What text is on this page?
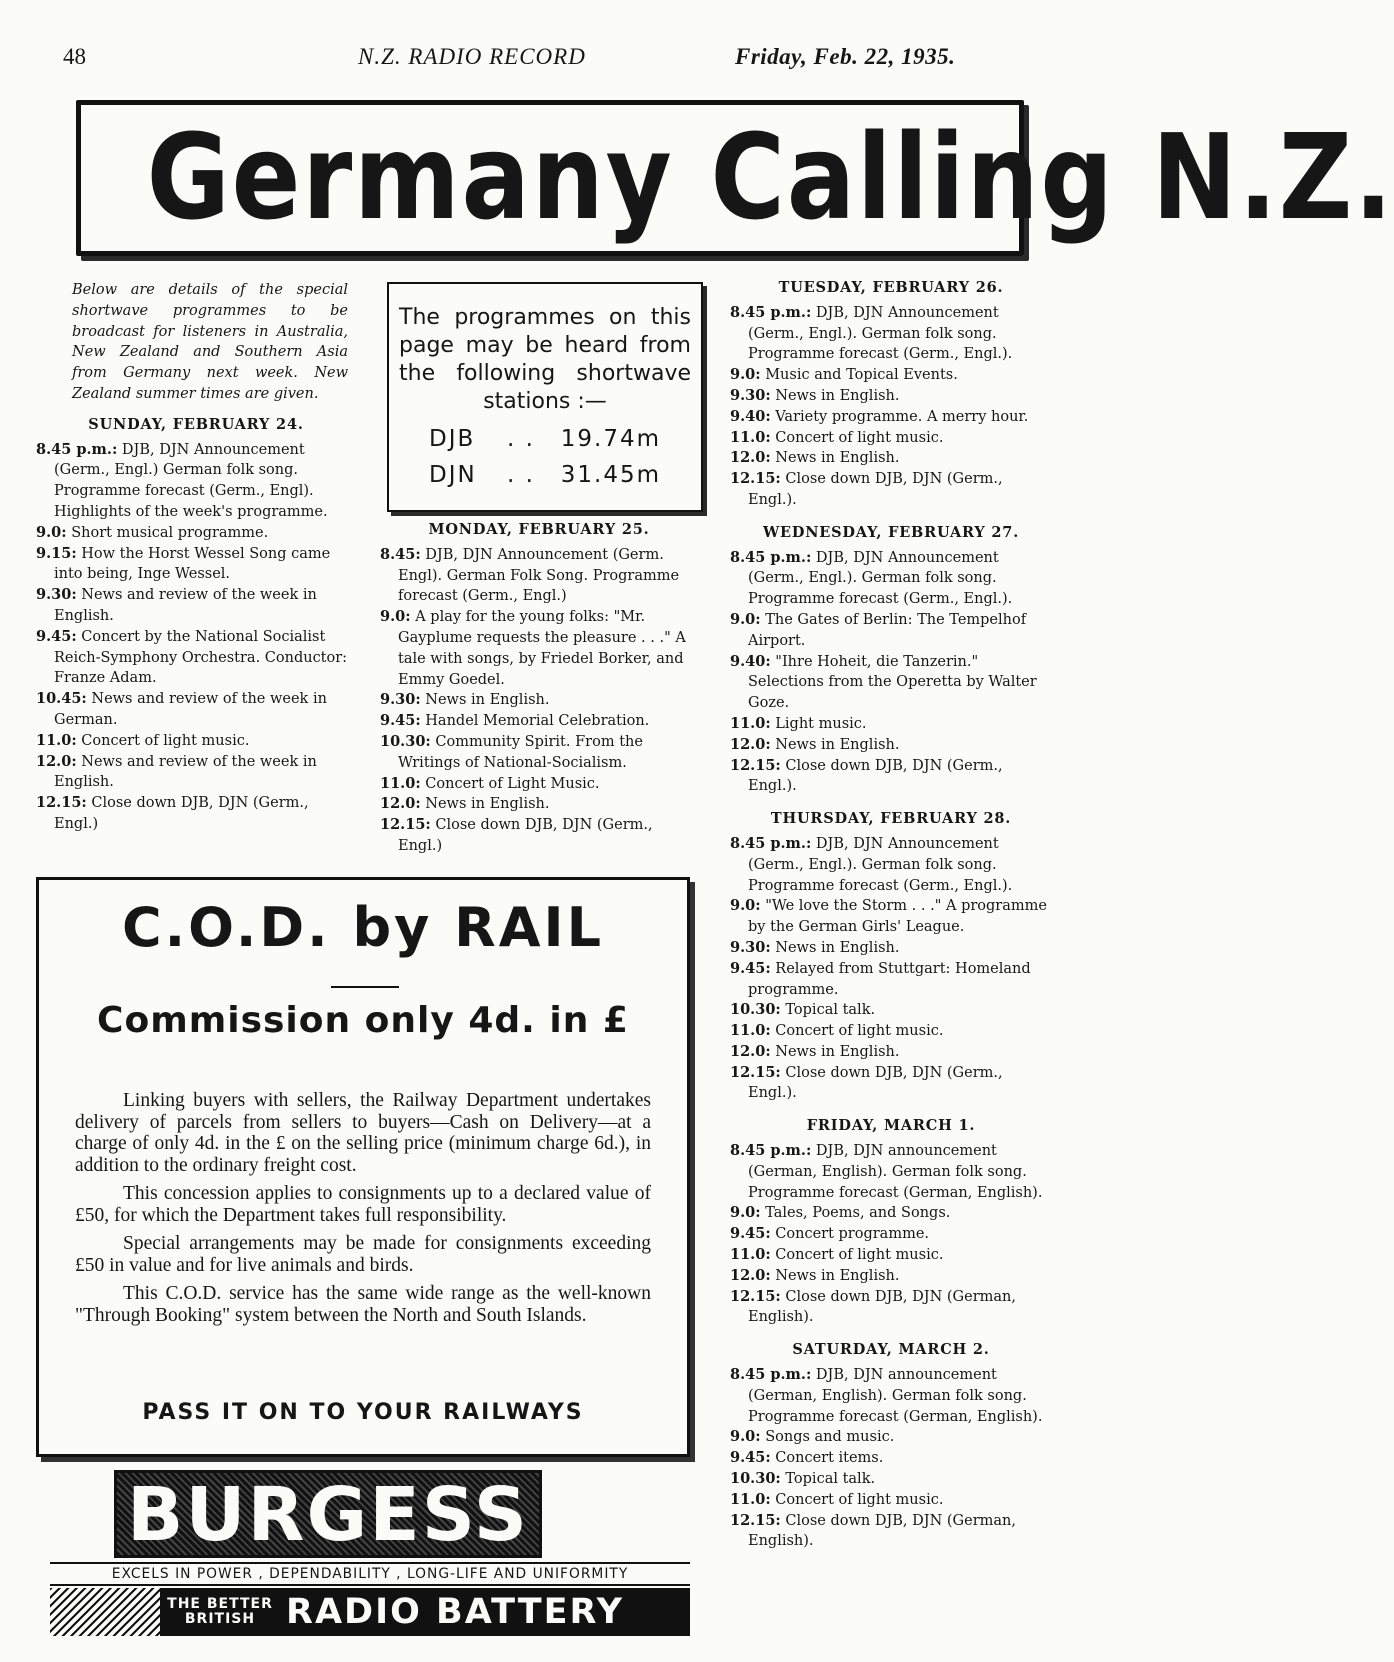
48	N.Z. RADIO RECORD	Friday, Feb. 22, 1935.
Germany Calling N.Z.
The programmes on this page may be heard from the following shortwave stations :—
DJB	. .	19.74m
DJN	. .	31.45m

Below are details of the special shortwave programmes to be broadcast for listeners in Australia, New Zealand and Southern Asia from Germany next week. New Zealand summer times are given.

SUNDAY, FEBRUARY 24.

8.45 p.m.: DJB, DJN Announcement (Germ., Engl.) German folk song. Programme forecast (Germ., Engl). Highlights of the week's programme.

9.0: Short musical programme.

9.15: How the Horst Wessel Song came into being, Inge Wessel.

9.30: News and review of the week in English.

9.45: Concert by the National Socialist Reich-Symphony Orchestra. Conductor: Franze Adam.

10.45: News and review of the week in German.

11.0: Concert of light music.

12.0: News and review of the week in English.

12.15: Close down DJB, DJN (Germ., Engl.)

MONDAY, FEBRUARY 25.

8.45: DJB, DJN Announcement (Germ. Engl). German Folk Song. Programme forecast (Germ., Engl.)

9.0: A play for the young folks: "Mr. Gayplume requests the pleasure . . ." A tale with songs, by Friedel Borker, and Emmy Goedel.

9.30: News in English.

9.45: Handel Memorial Celebration.

10.30: Community Spirit. From the Writings of National-Socialism.

11.0: Concert of Light Music.

12.0: News in English.

12.15: Close down DJB, DJN (Germ., Engl.)

TUESDAY, FEBRUARY 26.

8.45 p.m.: DJB, DJN Announcement (Germ., Engl.). German folk song. Programme forecast (Germ., Engl.).

9.0: Music and Topical Events.

9.30: News in English.

9.40: Variety programme. A merry hour.

11.0: Concert of light music.

12.0: News in English.

12.15: Close down DJB, DJN (Germ., Engl.).

WEDNESDAY, FEBRUARY 27.

8.45 p.m.: DJB, DJN Announcement (Germ., Engl.). German folk song. Programme forecast (Germ., Engl.).

9.0: The Gates of Berlin: The Tempelhof Airport.

9.40: "Ihre Hoheit, die Tanzerin." Selections from the Operetta by Walter Goze.

11.0: Light music.

12.0: News in English.

12.15: Close down DJB, DJN (Germ., Engl.).

THURSDAY, FEBRUARY 28.

8.45 p.m.: DJB, DJN Announcement (Germ., Engl.). German folk song. Programme forecast (Germ., Engl.).

9.0: "We love the Storm . . ." A programme by the German Girls' League.

9.30: News in English.

9.45: Relayed from Stuttgart: Homeland programme.

10.30: Topical talk.

11.0: Concert of light music.

12.0: News in English.

12.15: Close down DJB, DJN (Germ., Engl.).

FRIDAY, MARCH 1.

8.45 p.m.: DJB, DJN announcement (German, English). German folk song. Programme forecast (German, English).

9.0: Tales, Poems, and Songs.

9.45: Concert programme.

11.0: Concert of light music.

12.0: News in English.

12.15: Close down DJB, DJN (German, English).

SATURDAY, MARCH 2.

8.45 p.m.: DJB, DJN announcement (German, English). German folk song. Programme forecast (German, English).

9.0: Songs and music.

9.45: Concert items.

10.30: Topical talk.

11.0: Concert of light music.

12.15: Close down DJB, DJN (German, English).

C.O.D. by RAIL
Commission only 4d. in £

Linking buyers with sellers, the Railway Department undertakes delivery of parcels from sellers to buyers—Cash on Delivery—at a charge of only 4d. in the £ on the selling price (minimum charge 6d.), in addition to the ordinary freight cost.

This concession applies to consignments up to a declared value of £50, for which the Department takes full responsibility.

Special arrangements may be made for consignments exceeding £50 in value and for live animals and birds.

This C.O.D. service has the same wide range as the well-known "Through Booking" system between the North and South Islands.

PASS IT ON TO YOUR RAILWAYS
BURGESS
EXCELS IN POWER , DEPENDABILITY , LONG-LIFE AND UNIFORMITY
THE BETTER BRITISH RADIO BATTERY
